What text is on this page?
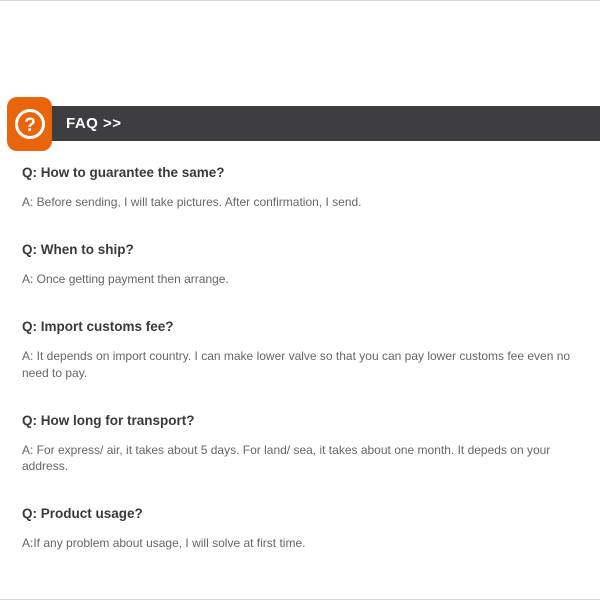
FAQ >>
?
Q: How to guarantee the same?
A: Before sending, I will take pictures. After confirmation, I send.
Q: When to ship?
A: Once getting payment then arrange.
Q: Import customs fee?
A: It depends on import country. I can make lower valve so that you can pay lower customs fee even no need to pay.
Q: How long for transport?
A: For express/ air, it takes about 5 days. For land/ sea, it takes about one month. It depeds on your address.
Q: Product usage?
A:If any problem about usage, I will solve at first time.
